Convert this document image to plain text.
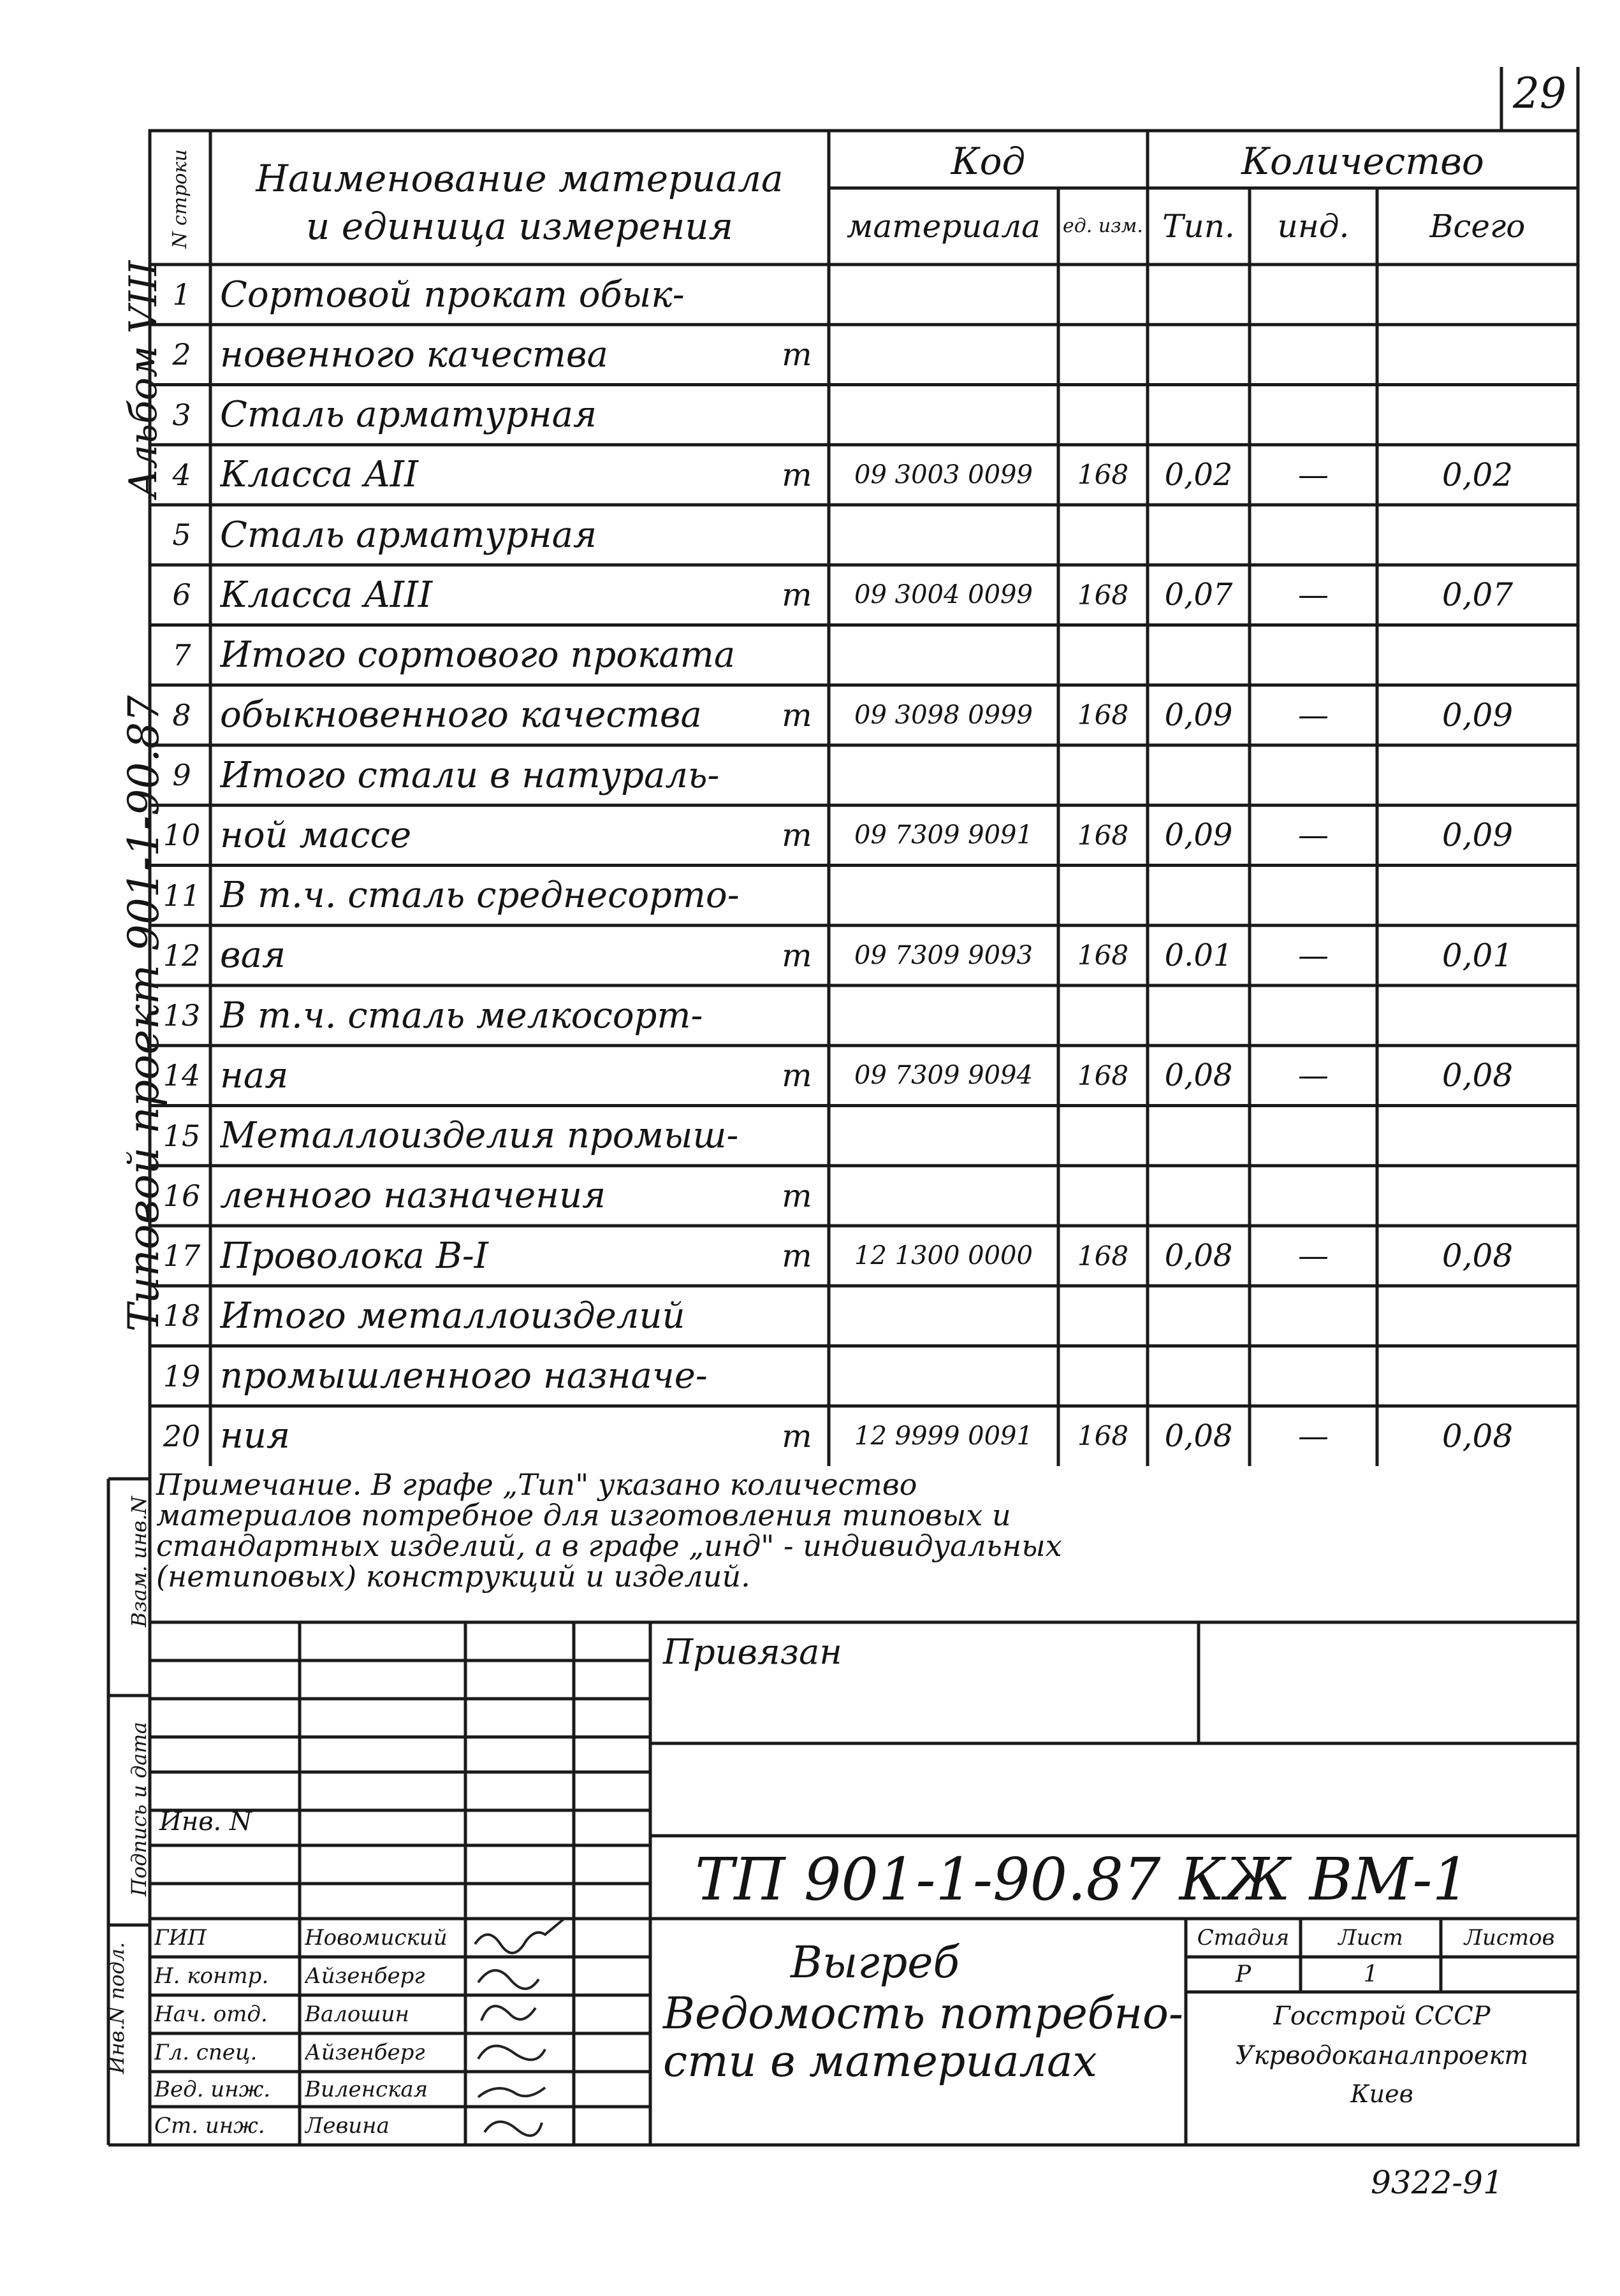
29
Альбом VIII
Типовой проект 901-1-90.87
Взам. инв.N
Подпись и дата
Инв.N подл.
N строки	Наименование материала
и единица измерения
Код
материала	ед. изм.
Количество
Тип.	инд.	Всего
1 Сортовой прокат обык-
2 новенного качества	т
3 Сталь арматурная
4 Класса AII	т	09 3003 0099	168	0,02	—	0,02
5 Сталь арматурная
6 Класса AIII	т	09 3004 0099	168	0,07	—	0,07
7 Итого сортового проката
8 обыкновенного качества	т	09 3098 0999	168	0,09	—	0,09
9 Итого стали в натураль-
10 ной массе	т	09 7309 9091	168	0,09	—	0,09
11 В т.ч. сталь среднесорто-
12 вая	т	09 7309 9093	168	0.01	—	0,01
13 В т.ч. сталь мелкосорт-
14 ная	т	09 7309 9094	168	0,08	—	0,08
15 Металлоизделия промыш-
16 ленного назначения	т
17 Проволока В-I	т	12 1300 0000	168	0,08	—	0,08
18 Итого металлоизделий
19 промышленного назначе-
20 ния	т	12 9999 0091	168	0,08	—	0,08
Примечание. В графе „Тип" указано количество
материалов потребное для изготовления типовых и
стандартных изделий, а в графе „инд" - индивидуальных
(нетиповых) конструкций и изделий.
Привязан
Инв. N
ТП 901-1-90.87 КЖ ВМ-1
Выгреб
Ведомость потребно-
сти в материалах
Стадия	Лист	Листов
Р	1
Госстрой СССР
Укрводоканалпроект
Киев
ГИП	Новомиский
Н. контр.	Айзенберг
Нач. отд.	Валошин
Гл. спец.	Айзенберг
Вед. инж.	Виленская
Ст. инж.	Левина
9322-91
